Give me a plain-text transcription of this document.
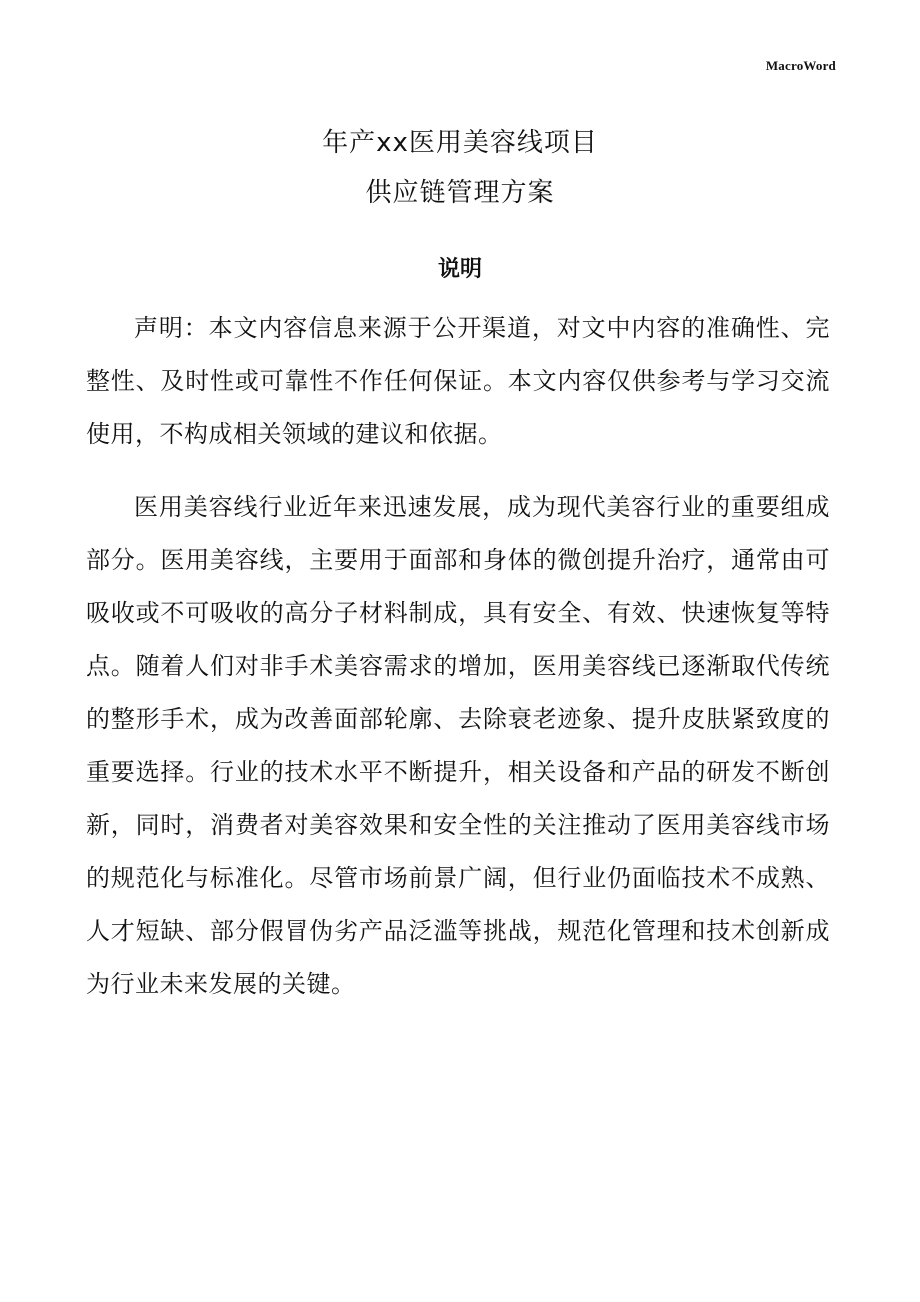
MacroWord
年产xx医用美容线项目
供应链管理方案
说明

声明：本文内容信息来源于公开渠道，对文中内容的准确性、完整性、及时性或可靠性不作任何保证。本文内容仅供参考与学习交流使用，不构成相关领域的建议和依据。

医用美容线行业近年来迅速发展，成为现代美容行业的重要组成部分。医用美容线，主要用于面部和身体的微创提升治疗，通常由可吸收或不可吸收的高分子材料制成，具有安全、有效、快速恢复等特点。随着人们对非手术美容需求的增加，医用美容线已逐渐取代传统的整形手术，成为改善面部轮廓、去除衰老迹象、提升皮肤紧致度的重要选择。行业的技术水平不断提升，相关设备和产品的研发不断创新，同时，消费者对美容效果和安全性的关注推动了医用美容线市场的规范化与标准化。尽管市场前景广阔，但行业仍面临技术不成熟、人才短缺、部分假冒伪劣产品泛滥等挑战，规范化管理和技术创新成为行业未来发展的关键。
